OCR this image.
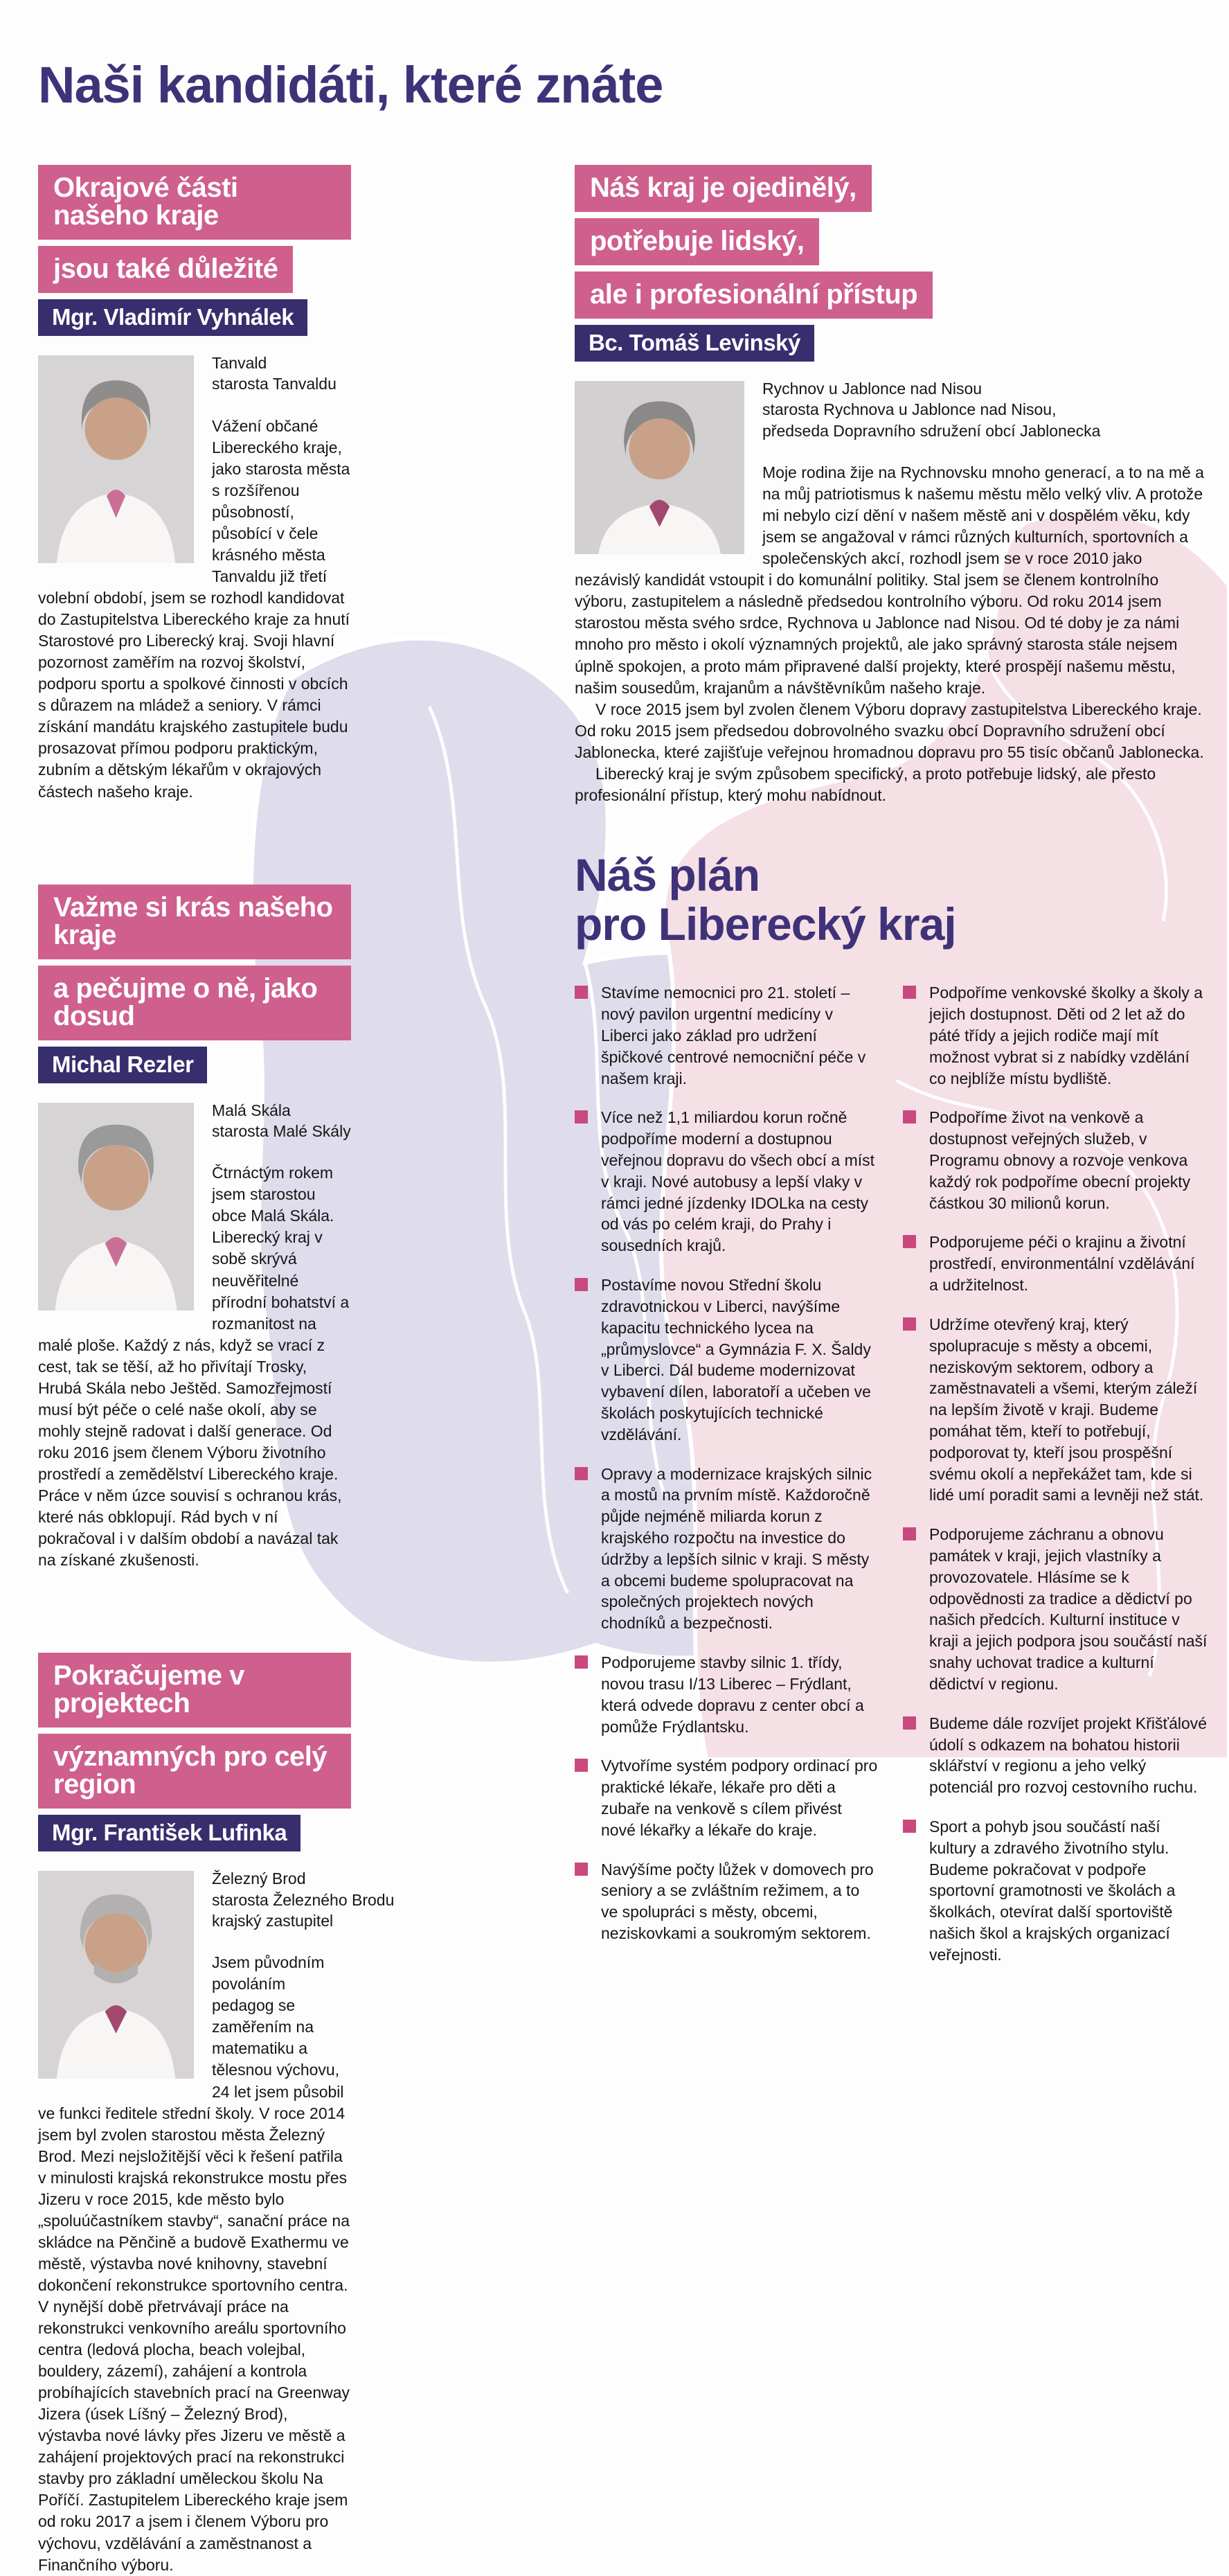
Naši kandidáti, které znáte
Okrajové části našeho kraje
jsou také důležité
Mgr. Vladimír Vyhnálek
Tanvald
starosta Tanvaldu

Vážení občané Libereckého kraje, jako starosta města s rozšířenou působností, působící v čele krásného města Tanvaldu již třetí volební období, jsem se rozhodl kandidovat do Zastupitelstva Libereckého kraje za hnutí Starostové pro Liberecký kraj. Svoji hlavní pozornost zaměřím na rozvoj školství, podporu sportu a spolkové činnosti v obcích s důrazem na mládež a seniory. V rámci získání mandátu krajského zastupitele budu prosazovat přímou podporu praktickým, zubním a dětským lékařům v okrajových částech našeho kraje.

Važme si krás našeho kraje
a pečujme o ně, jako dosud
Michal Rezler
Malá Skála
starosta Malé Skály

Čtrnáctým rokem jsem starostou obce Malá Skála. Liberecký kraj v sobě skrývá neuvěřitelné přírodní bohatství a rozmanitost na malé ploše. Každý z nás, když se vrací z cest, tak se těší, až ho přivítají Trosky, Hrubá Skála nebo Ještěd. Samozřejmostí musí být péče o celé naše okolí, aby se mohly stejně radovat i další generace. Od roku 2016 jsem členem Výboru životního prostředí a zemědělství Libereckého kraje. Práce v něm úzce souvisí s ochranou krás, které nás obklopují. Rád bych v ní pokračoval i v dalším období a navázal tak na získané zkušenosti.

Pokračujeme v projektech
významných pro celý region
Mgr. František Lufinka
Železný Brod
starosta Železného Brodu
krajský zastupitel

Jsem původním povoláním pedagog se zaměřením na matematiku a tělesnou výchovu, 24 let jsem působil ve funkci ředitele střední školy. V roce 2014 jsem byl zvolen starostou města Železný Brod. Mezi nejsložitější věci k řešení patřila v minulosti krajská rekonstrukce mostu přes Jizeru v roce 2015, kde město bylo „spoluúčastníkem stavby“, sanační práce na skládce na Pěnčině a budově Exathermu ve městě, výstavba nové knihovny, stavební dokončení rekonstrukce sportovního centra. V nynější době přetrvávají práce na rekonstrukci venkovního areálu sportovního centra (ledová plocha, beach volejbal, bouldery, zázemí), zahájení a kontrola probíhajících stavebních prací na Greenway Jizera (úsek Líšný – Železný Brod), výstavba nové lávky přes Jizeru ve městě a zahájení projektových prací na rekonstrukci stavby pro základní uměleckou školu Na Poříčí. Zastupitelem Libereckého kraje jsem od roku 2017 a jsem i členem Výboru pro výchovu, vzdělávání a zaměstnanost a Finančního výboru.

Náš kraj je ojedinělý,
potřebuje lidský,
ale i profesionální přístup
Bc. Tomáš Levinský
Rychnov u Jablonce nad Nisou
starosta Rychnova u Jablonce nad Nisou,
předseda Dopravního sdružení obcí Jablonecka

Moje rodina žije na Rychnovsku mnoho generací, a to na mě a na můj patriotismus k našemu městu mělo velký vliv. A protože mi nebylo cizí dění v našem městě ani v dospělém věku, kdy jsem se angažoval v rámci různých kulturních, sportovních a společenských akcí, rozhodl jsem se v roce 2010 jako nezávislý kandidát vstoupit i do komunální politiky. Stal jsem se členem kontrolního výboru, zastupitelem a následně předsedou kontrolního výboru. Od roku 2014 jsem starostou města svého srdce, Rychnova u Jablonce nad Nisou. Od té doby je za námi mnoho pro město i okolí významných projektů, ale jako správný starosta stále nejsem úplně spokojen, a proto mám připravené další projekty, které prospějí našemu městu, našim sousedům, krajanům a návštěvníkům našeho kraje.

V roce 2015 jsem byl zvolen členem Výboru dopravy zastupitelstva Libereckého kraje. Od roku 2015 jsem předsedou dobrovolného svazku obcí Dopravního sdružení obcí Jablonecka, které zajišťuje veřejnou hromadnou dopravu pro 55 tisíc občanů Jablonecka.

Liberecký kraj je svým způsobem specifický, a proto potřebuje lidský, ale přesto profesionální přístup, který mohu nabídnout.

Náš plán
pro Liberecký kraj
Stavíme nemocnici pro 21. století – nový pavilon urgentní medicíny v Liberci jako základ pro udržení špičkové centrové nemocniční péče v našem kraji.
Více než 1,1 miliardou korun ročně podpoříme moderní a dostupnou veřejnou dopravu do všech obcí a míst v kraji. Nové autobusy a lepší vlaky v rámci jedné jízdenky IDOLka na cesty od vás po celém kraji, do Prahy i sousedních krajů.
Postavíme novou Střední školu zdravotnickou v Liberci, navýšíme kapacitu technického lycea na „průmyslovce“ a Gymnázia F. X. Šaldy v Liberci. Dál budeme modernizovat vybavení dílen, laboratoří a učeben ve školách poskytujících technické vzdělávání.
Opravy a modernizace krajských silnic a mostů na prvním místě. Každoročně půjde nejméně miliarda korun z krajského rozpočtu na investice do údržby a lepších silnic v kraji. S městy a obcemi budeme spolupracovat na společných projektech nových chodníků a bezpečnosti.
Podporujeme stavby silnic 1. třídy, novou trasu I/13 Liberec – Frýdlant, která odvede dopravu z center obcí a pomůže Frýdlantsku.
Vytvoříme systém podpory ordinací pro praktické lékaře, lékaře pro děti a zubaře na venkově s cílem přivést nové lékařky a lékaře do kraje.
Navýšíme počty lůžek v domovech pro seniory a se zvláštním režimem, a to ve spolupráci s městy, obcemi, neziskovkami a soukromým sektorem.
Podpoříme venkovské školky a školy a jejich dostupnost. Děti od 2 let až do páté třídy a jejich rodiče mají mít možnost vybrat si z nabídky vzdělání co nejblíže místu bydliště.
Podpoříme život na venkově a dostupnost veřejných služeb, v Programu obnovy a rozvoje venkova každý rok podpoříme obecní projekty částkou 30 milionů korun.
Podporujeme péči o krajinu a životní prostředí, environmentální vzdělávání a udržitelnost.
Udržíme otevřený kraj, který spolupracuje s městy a obcemi, neziskovým sektorem, odbory a zaměstnavateli a všemi, kterým záleží na lepším životě v kraji. Budeme pomáhat těm, kteří to potřebují, podporovat ty, kteří jsou prospěšní svému okolí a nepřekážet tam, kde si lidé umí poradit sami a levněji než stát.
Podporujeme záchranu a obnovu památek v kraji, jejich vlastníky a provozovatele. Hlásíme se k odpovědnosti za tradice a dědictví po našich předcích. Kulturní instituce v kraji a jejich podpora jsou součástí naší snahy uchovat tradice a kulturní dědictví v regionu.
Budeme dále rozvíjet projekt Křišťálové údolí s odkazem na bohatou historii sklářství v regionu a jeho velký potenciál pro rozvoj cestovního ruchu.
Sport a pohyb jsou součástí naší kultury a zdravého životního stylu. Budeme pokračovat v podpoře sportovní gramotnosti ve školách a školkách, otevírat další sportoviště našich škol a krajských organizací veřejnosti.
